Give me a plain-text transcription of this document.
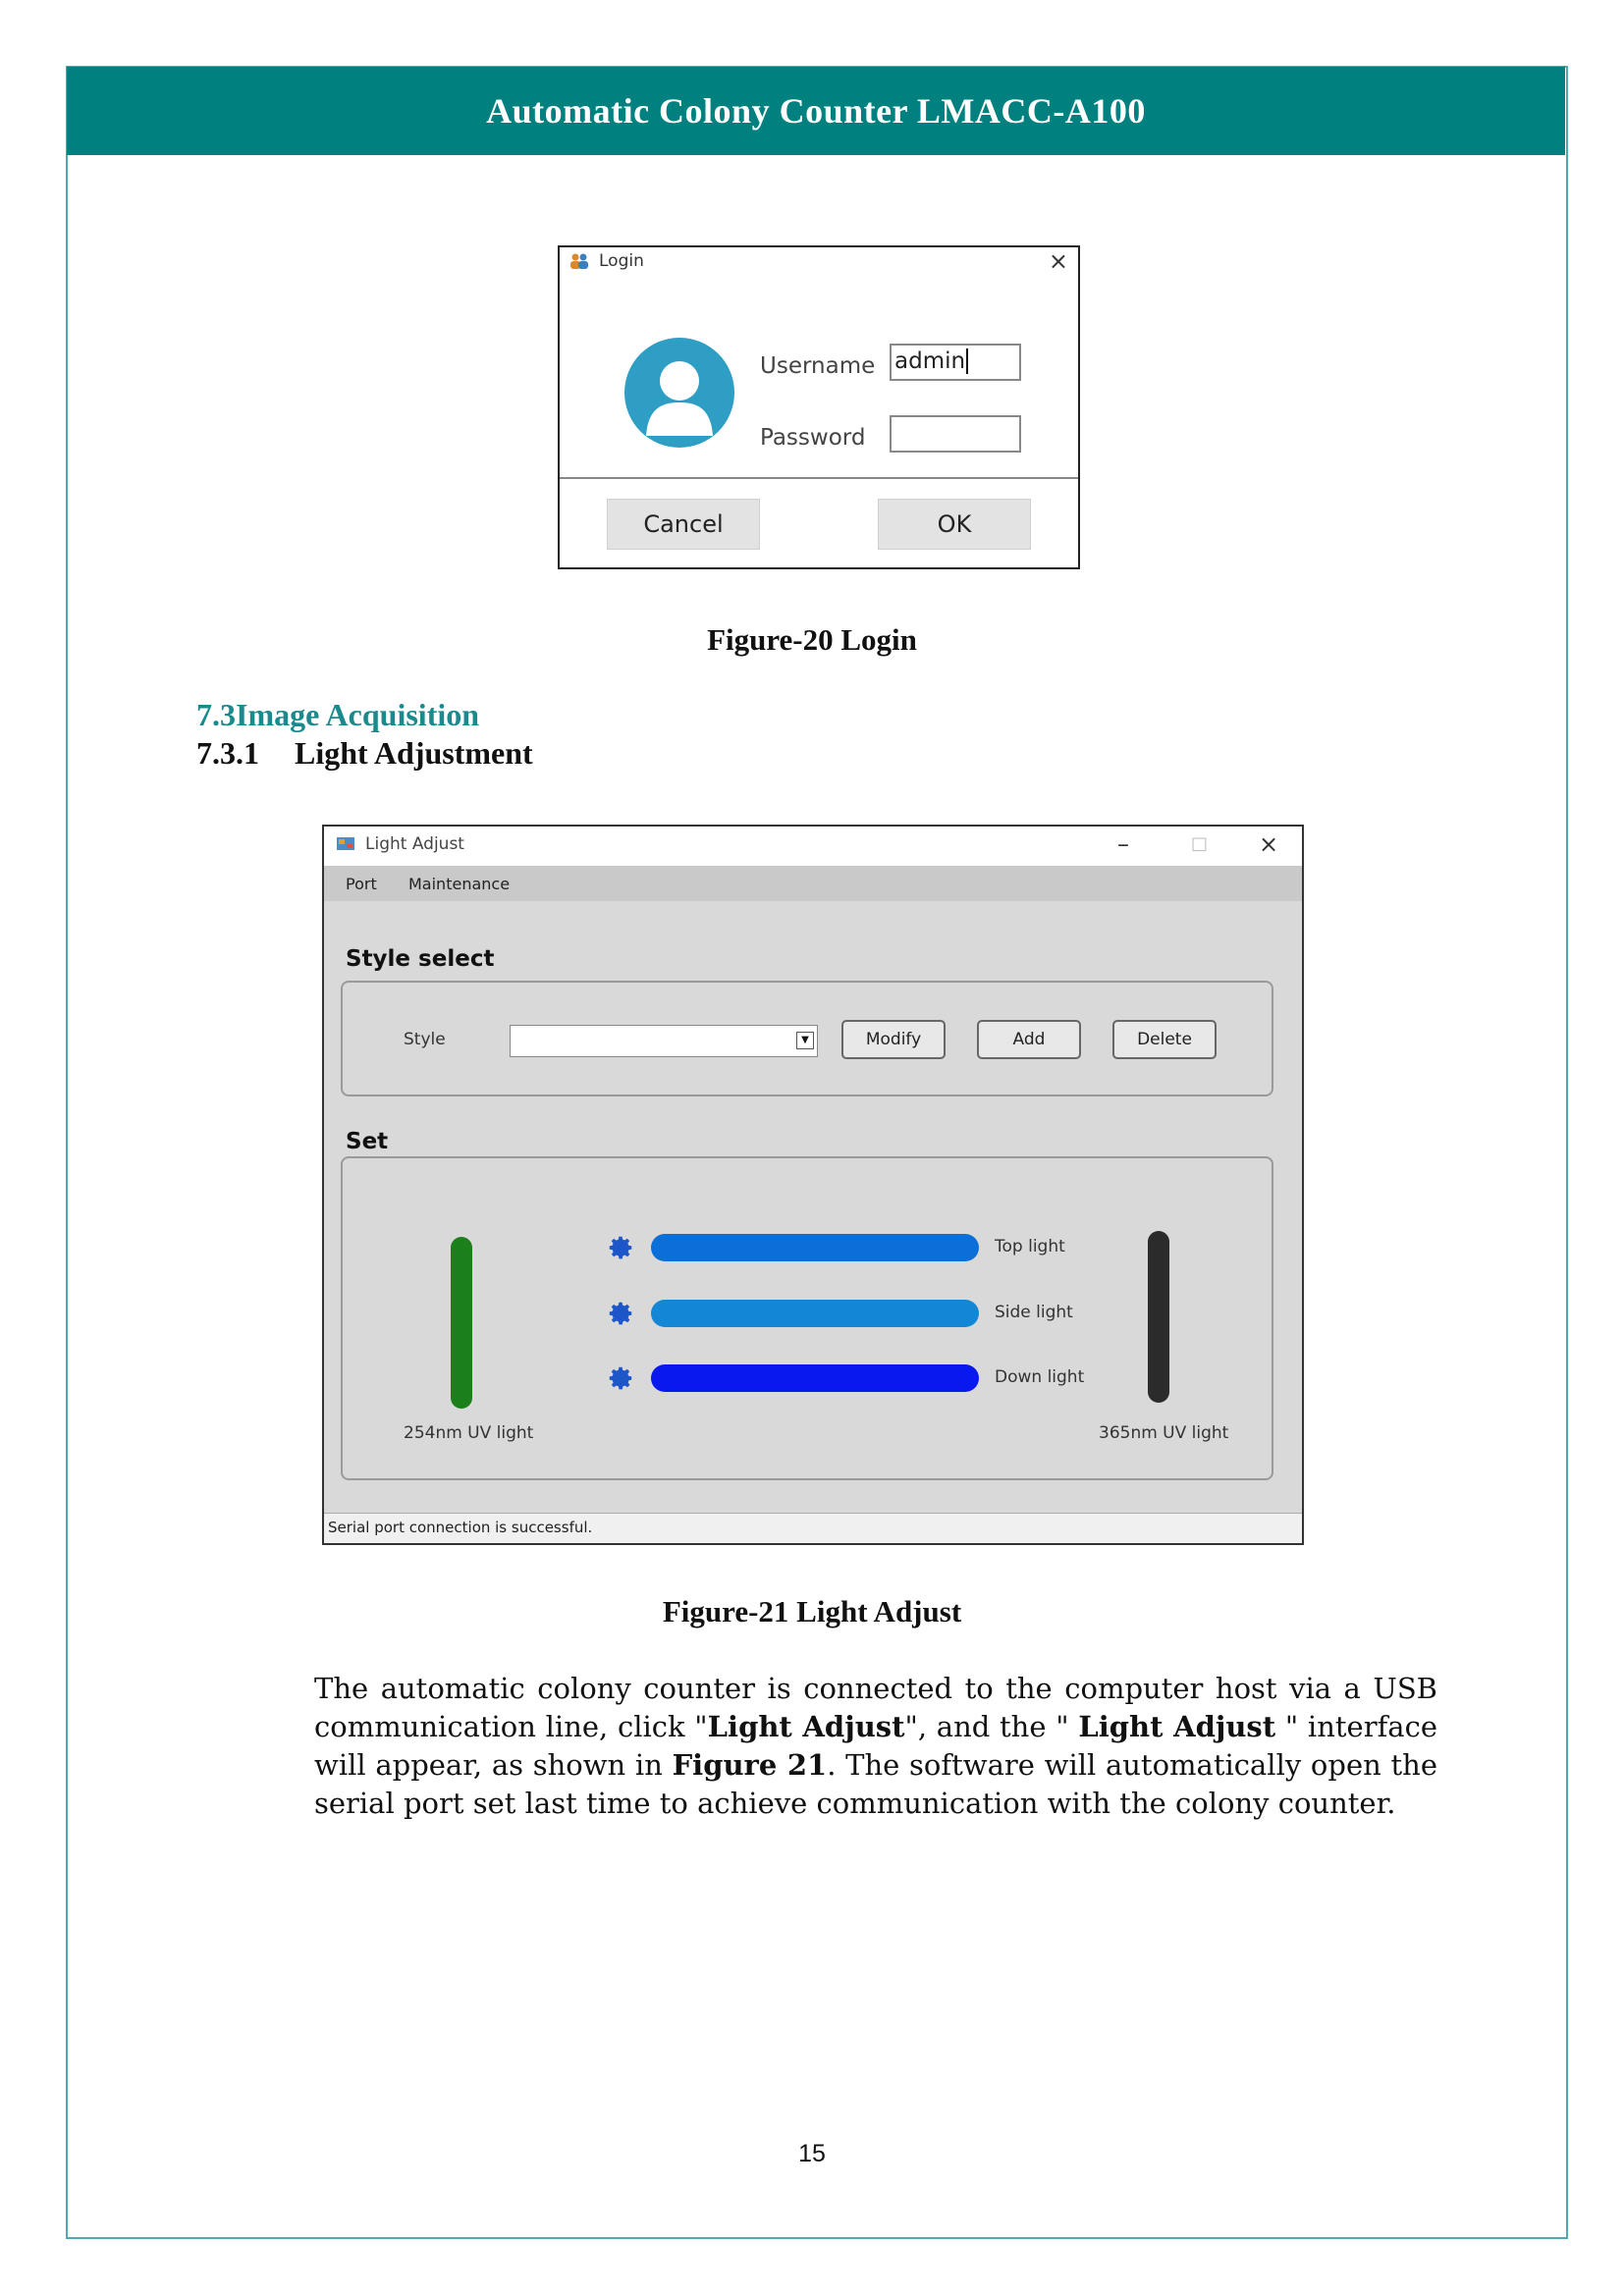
Automatic Colony Counter LMACC-A100
Login	×
Username admin
Password
Cancel	OK
Figure-20 Login
7.3Image Acquisition
7.3.1 Light Adjustment
Light Adjust	–	□ ×
Port Maintenance
Style select
Style	▼	Modify	Add	Delete
Set
Top light
Side light
Down light
254nm UV light	365nm UV light
Serial port connection is successful.
Figure-21 Light Adjust

The automatic colony counter is connected to the computer host via a USB communication line, click "Light Adjust", and the " Light Adjust " interface will appear, as shown in Figure 21. The software will automatically open the serial port set last time to achieve communication with the colony counter.

15
